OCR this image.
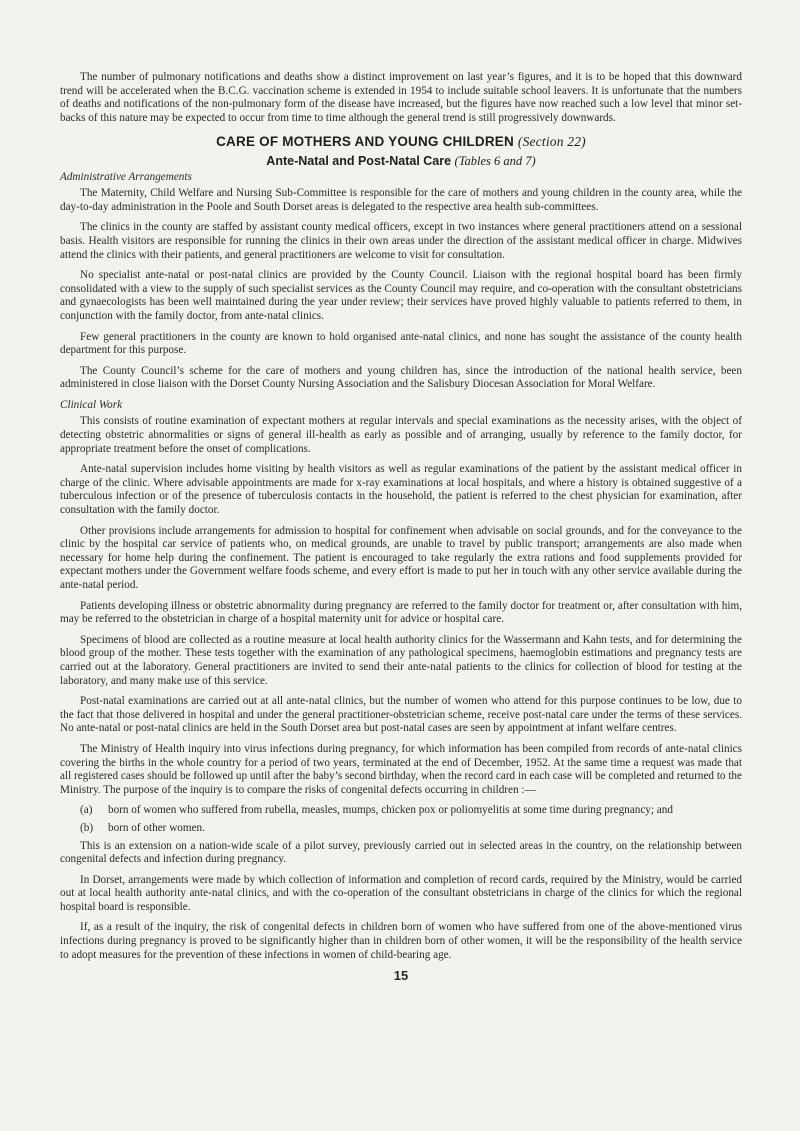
The number of pulmonary notifications and deaths show a distinct improvement on last year’s figures, and it is to be hoped that this downward trend will be accelerated when the B.C.G. vaccination scheme is extended in 1954 to include suitable school leavers. It is unfortunate that the numbers of deaths and notifications of the non-pulmonary form of the disease have increased, but the figures have now reached such a low level that minor set-backs of this nature may be expected to occur from time to time although the general trend is still progressively downwards.

CARE OF MOTHERS AND YOUNG CHILDREN (Section 22)
Ante-Natal and Post-Natal Care (Tables 6 and 7)
Administrative Arrangements

The Maternity, Child Welfare and Nursing Sub-Committee is responsible for the care of mothers and young children in the county area, while the day-to-day administration in the Poole and South Dorset areas is delegated to the respective area health sub-committees.

The clinics in the county are staffed by assistant county medical officers, except in two instances where general practitioners attend on a sessional basis. Health visitors are responsible for running the clinics in their own areas under the direction of the assistant medical officer in charge. Midwives attend the clinics with their patients, and general practitioners are welcome to visit for consultation.

No specialist ante-natal or post-natal clinics are provided by the County Council. Liaison with the regional hospital board has been firmly consolidated with a view to the supply of such specialist services as the County Council may require, and co-operation with the consultant obstetricians and gynaecologists has been well maintained during the year under review; their services have proved highly valuable to patients referred to them, in conjunction with the family doctor, from ante-natal clinics.

Few general practitioners in the county are known to hold organised ante-natal clinics, and none has sought the assistance of the county health department for this purpose.

The County Council’s scheme for the care of mothers and young children has, since the introduction of the national health service, been administered in close liaison with the Dorset County Nursing Association and the Salisbury Diocesan Association for Moral Welfare.

Clinical Work

This consists of routine examination of expectant mothers at regular intervals and special examinations as the necessity arises, with the object of detecting obstetric abnormalities or signs of general ill-health as early as possible and of arranging, usually by reference to the family doctor, for appropriate treatment before the onset of complications.

Ante-natal supervision includes home visiting by health visitors as well as regular examinations of the patient by the assistant medical officer in charge of the clinic. Where advisable appointments are made for x-ray examinations at local hospitals, and where a history is obtained suggestive of a tuberculous infection or of the presence of tuberculosis contacts in the household, the patient is referred to the chest physician for examination, after consultation with the family doctor.

Other provisions include arrangements for admission to hospital for confinement when advisable on social grounds, and for the conveyance to the clinic by the hospital car service of patients who, on medical grounds, are unable to travel by public transport; arrangements are also made when necessary for home help during the confinement. The patient is encouraged to take regularly the extra rations and food supplements provided for expectant mothers under the Government welfare foods scheme, and every effort is made to put her in touch with any other service available during the ante-natal period.

Patients developing illness or obstetric abnormality during pregnancy are referred to the family doctor for treatment or, after consultation with him, may be referred to the obstetrician in charge of a hospital maternity unit for advice or hospital care.

Specimens of blood are collected as a routine measure at local health authority clinics for the Wassermann and Kahn tests, and for determining the blood group of the mother. These tests together with the examination of any pathological specimens, haemoglobin estimations and pregnancy tests are carried out at the laboratory. General practitioners are invited to send their ante-natal patients to the clinics for collection of blood for testing at the laboratory, and many make use of this service.

Post-natal examinations are carried out at all ante-natal clinics, but the number of women who attend for this purpose continues to be low, due to the fact that those delivered in hospital and under the general practitioner-obstetrician scheme, receive post-natal care under the terms of these services. No ante-natal or post-natal clinics are held in the South Dorset area but post-natal cases are seen by appointment at infant welfare centres.

The Ministry of Health inquiry into virus infections during pregnancy, for which information has been compiled from records of ante-natal clinics covering the births in the whole country for a period of two years, terminated at the end of December, 1952. At the same time a request was made that all registered cases should be followed up until after the baby’s second birthday, when the record card in each case will be completed and returned to the Ministry. The purpose of the inquiry is to compare the risks of congenital defects occurring in children :—

(a)	born of women who suffered from rubella, measles, mumps, chicken pox or poliomyelitis at some time during pregnancy; and
(b)	born of other women.

This is an extension on a nation-wide scale of a pilot survey, previously carried out in selected areas in the country, on the relationship between congenital defects and infection during pregnancy.

In Dorset, arrangements were made by which collection of information and completion of record cards, required by the Ministry, would be carried out at local health authority ante-natal clinics, and with the co-operation of the consultant obstetricians in charge of the clinics for which the regional hospital board is responsible.

If, as a result of the inquiry, the risk of congenital defects in children born of women who have suffered from one of the above-mentioned virus infections during pregnancy is proved to be significantly higher than in children born of other women, it will be the responsibility of the health service to adopt measures for the prevention of these infections in women of child-bearing age.

15
